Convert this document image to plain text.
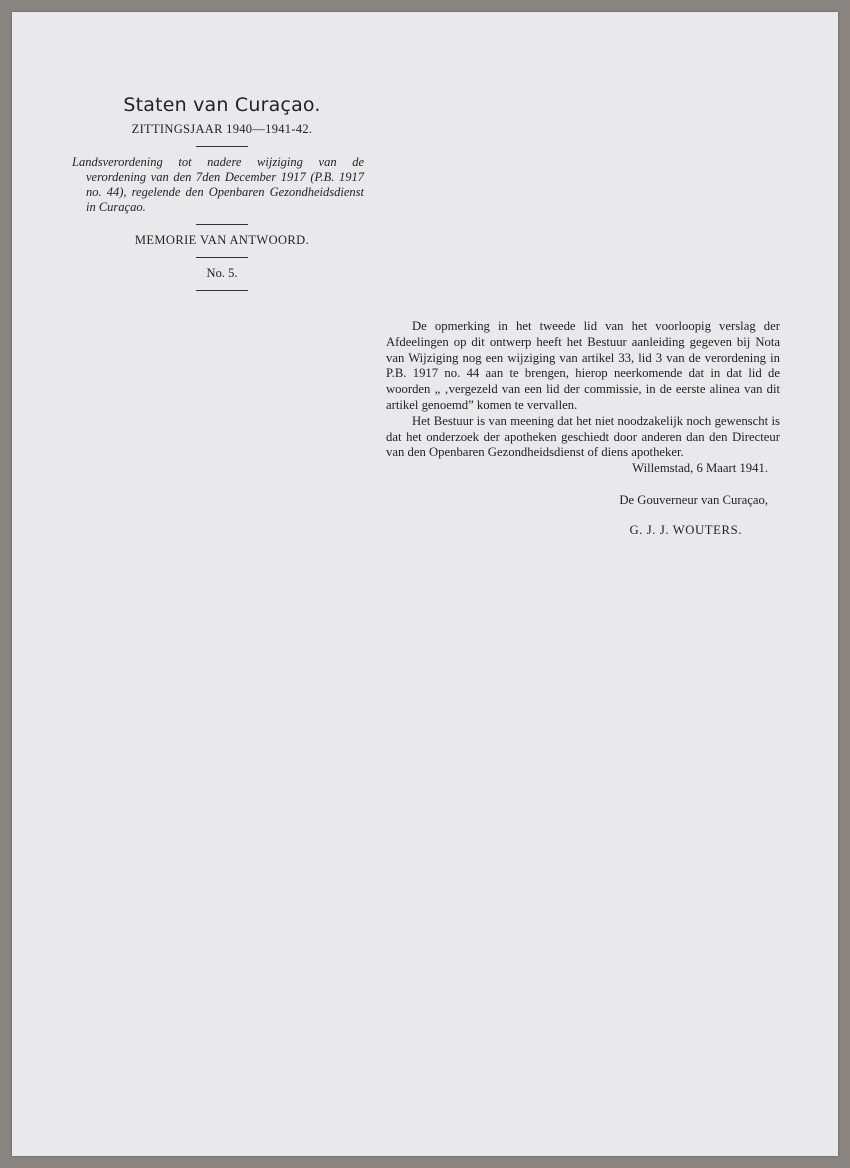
Staten van Curaçao.

ZITTINGSJAAR 1940—1941-42.

Landsverordening tot nadere wijziging van de verordening van den 7den December 1917 (P.B. 1917 no. 44), regelende den Openbaren Gezondheidsdienst in Curaçao.

MEMORIE VAN ANTWOORD.

No. 5.

De opmerking in het tweede lid van het voorloopig verslag der Afdeelingen op dit ontwerp heeft het Bestuur aanleiding gegeven bij Nota van Wijziging nog een wijziging van artikel 33, lid 3 van de verordening in P.B. 1917 no. 44 aan te brengen, hierop neerkomende dat in dat lid de woorden „ ‚vergezeld van een lid der commissie, in de eerste alinea van dit artikel genoemd” komen te vervallen.

Het Bestuur is van meening dat het niet noodzakelijk noch gewenscht is dat het onderzoek der apotheken geschiedt door anderen dan den Directeur van den Openbaren Gezondheidsdienst of diens apotheker.

Willemstad, 6 Maart 1941.

De Gouverneur van Curaçao,

G. J. J. WOUTERS.
